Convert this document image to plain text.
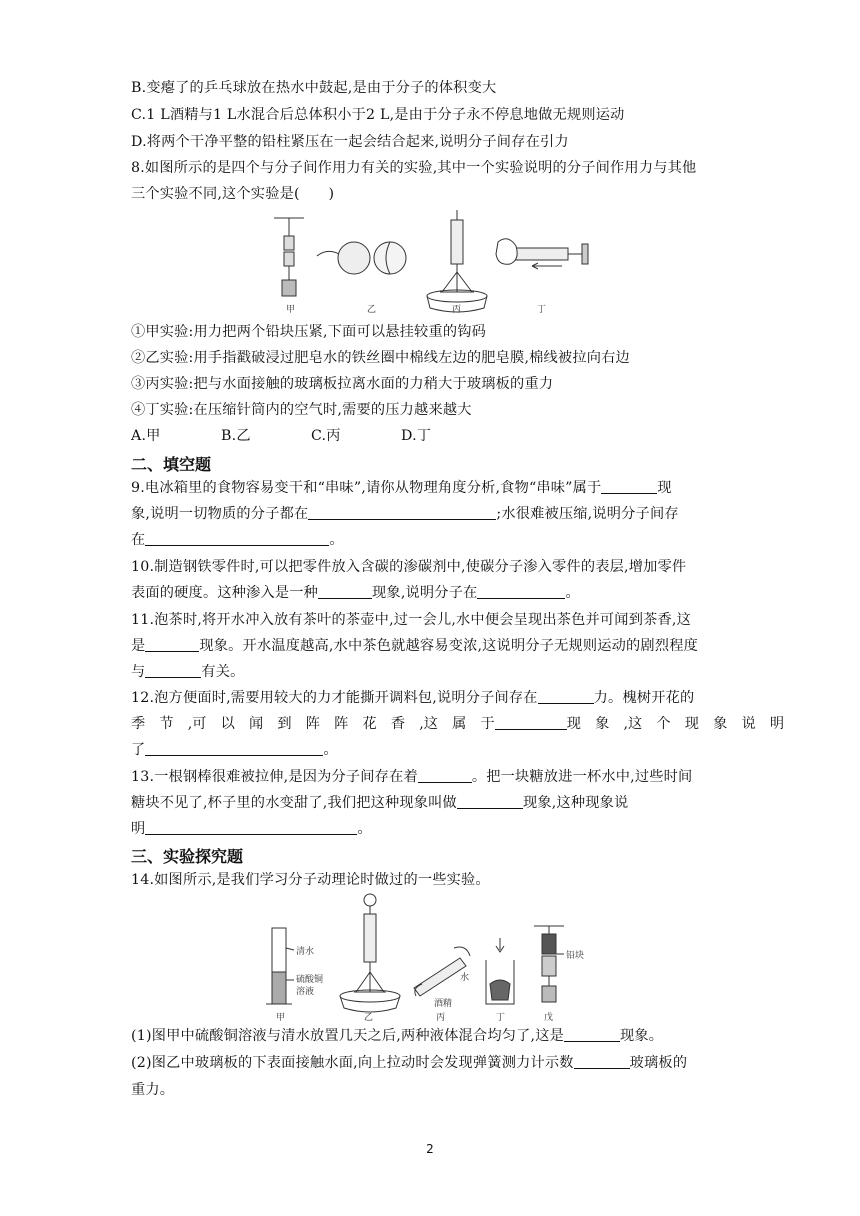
B.变瘪了的乒乓球放在热水中鼓起,是由于分子的体积变大
C.1 L酒精与1 L水混合后总体积小于2 L,是由于分子永不停息地做无规则运动
D.将两个干净平整的铅柱紧压在一起会结合起来,说明分子间存在引力
8.如图所示的是四个与分子间作用力有关的实验,其中一个实验说明的分子间作用力与其他
三个实验不同,这个实验是(　　)
甲	乙	丙	丁
①甲实验:用力把两个铅块压紧,下面可以悬挂较重的钩码
②乙实验:用手指戳破浸过肥皂水的铁丝圈中棉线左边的肥皂膜,棉线被拉向右边
③丙实验:把与水面接触的玻璃板拉离水面的力稍大于玻璃板的重力
④丁实验:在压缩针筒内的空气时,需要的压力越来越大
A.甲	B.乙	C.丙	D.丁
二、填空题
9.电冰箱里的食物容易变干和“串味”,请你从物理角度分析,食物“串味”属于	现
象,说明一切物质的分子都在	;水很难被压缩,说明分子间存
在	。
10.制造钢铁零件时,可以把零件放入含碳的渗碳剂中,使碳分子渗入零件的表层,增加零件
表面的硬度。这种渗入是一种	现象,说明分子在	。
11.泡茶时,将开水冲入放有茶叶的茶壶中,过一会儿,水中便会呈现出茶色并可闻到茶香,这
是	现象。开水温度越高,水中茶色就越容易变浓,这说明分子无规则运动的剧烈程度
与	有关。
12.泡方便面时,需要用较大的力才能撕开调料包,说明分子间存在	力。槐树开花的
季　节　,可　以　闻　到　阵　阵　花　香　,这　属　于	现　象　,这　个　现　象　说　明
了	。
13.一根钢棒很难被拉伸,是因为分子间存在着	。把一块糖放进一杯水中,过些时间
糖块不见了,杯子里的水变甜了,我们把这种现象叫做	现象,这种现象说
明	。
三、实验探究题
14.如图所示,是我们学习分子动理论时做过的一些实验。
清水
硫酸铜
溶液
水
酒精
铅块
甲	乙	丙	丁	戊
(1)图甲中硫酸铜溶液与清水放置几天之后,两种液体混合均匀了,这是	现象。
(2)图乙中玻璃板的下表面接触水面,向上拉动时会发现弹簧测力计示数	玻璃板的
重力。
2
